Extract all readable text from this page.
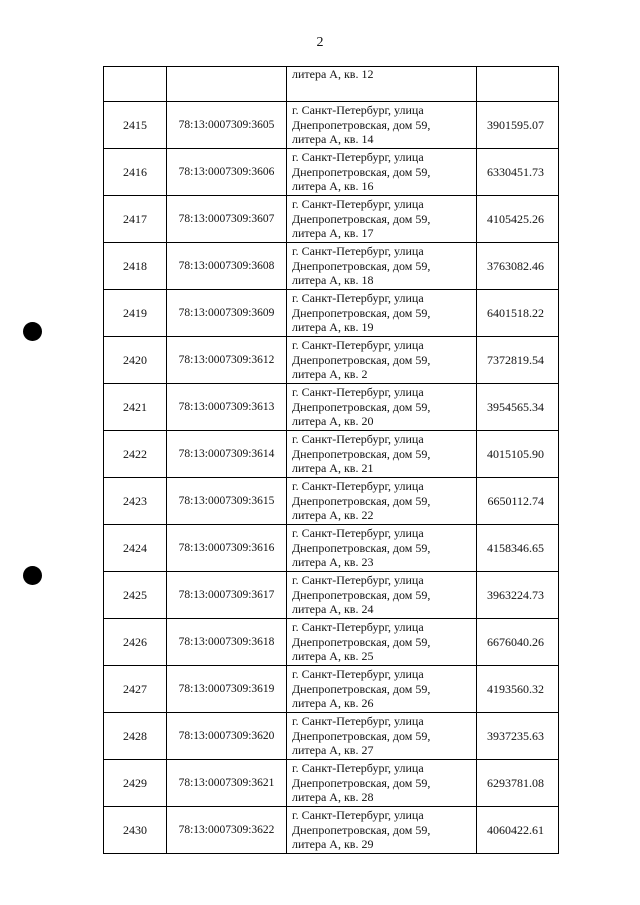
2

		литера А, кв. 12	

2415	78:13:0007309:3605	г. Санкт-Петербург, улица
Днепропетровская, дом 59,
литера А, кв. 14	3901595.07
2416	78:13:0007309:3606	г. Санкт-Петербург, улица
Днепропетровская, дом 59,
литера А, кв. 16	6330451.73
2417	78:13:0007309:3607	г. Санкт-Петербург, улица
Днепропетровская, дом 59,
литера А, кв. 17	4105425.26
2418	78:13:0007309:3608	г. Санкт-Петербург, улица
Днепропетровская, дом 59,
литера А, кв. 18	3763082.46
2419	78:13:0007309:3609	г. Санкт-Петербург, улица
Днепропетровская, дом 59,
литера А, кв. 19	6401518.22
2420	78:13:0007309:3612	г. Санкт-Петербург, улица
Днепропетровская, дом 59,
литера А, кв. 2	7372819.54
2421	78:13:0007309:3613	г. Санкт-Петербург, улица
Днепропетровская, дом 59,
литера А, кв. 20	3954565.34
2422	78:13:0007309:3614	г. Санкт-Петербург, улица
Днепропетровская, дом 59,
литера А, кв. 21	4015105.90
2423	78:13:0007309:3615	г. Санкт-Петербург, улица
Днепропетровская, дом 59,
литера А, кв. 22	6650112.74
2424	78:13:0007309:3616	г. Санкт-Петербург, улица
Днепропетровская, дом 59,
литера А, кв. 23	4158346.65
2425	78:13:0007309:3617	г. Санкт-Петербург, улица
Днепропетровская, дом 59,
литера А, кв. 24	3963224.73
2426	78:13:0007309:3618	г. Санкт-Петербург, улица
Днепропетровская, дом 59,
литера А, кв. 25	6676040.26
2427	78:13:0007309:3619	г. Санкт-Петербург, улица
Днепропетровская, дом 59,
литера А, кв. 26	4193560.32
2428	78:13:0007309:3620	г. Санкт-Петербург, улица
Днепропетровская, дом 59,
литера А, кв. 27	3937235.63
2429	78:13:0007309:3621	г. Санкт-Петербург, улица
Днепропетровская, дом 59,
литера А, кв. 28	6293781.08
2430	78:13:0007309:3622	г. Санкт-Петербург, улица
Днепропетровская, дом 59,
литера А, кв. 29	4060422.61
